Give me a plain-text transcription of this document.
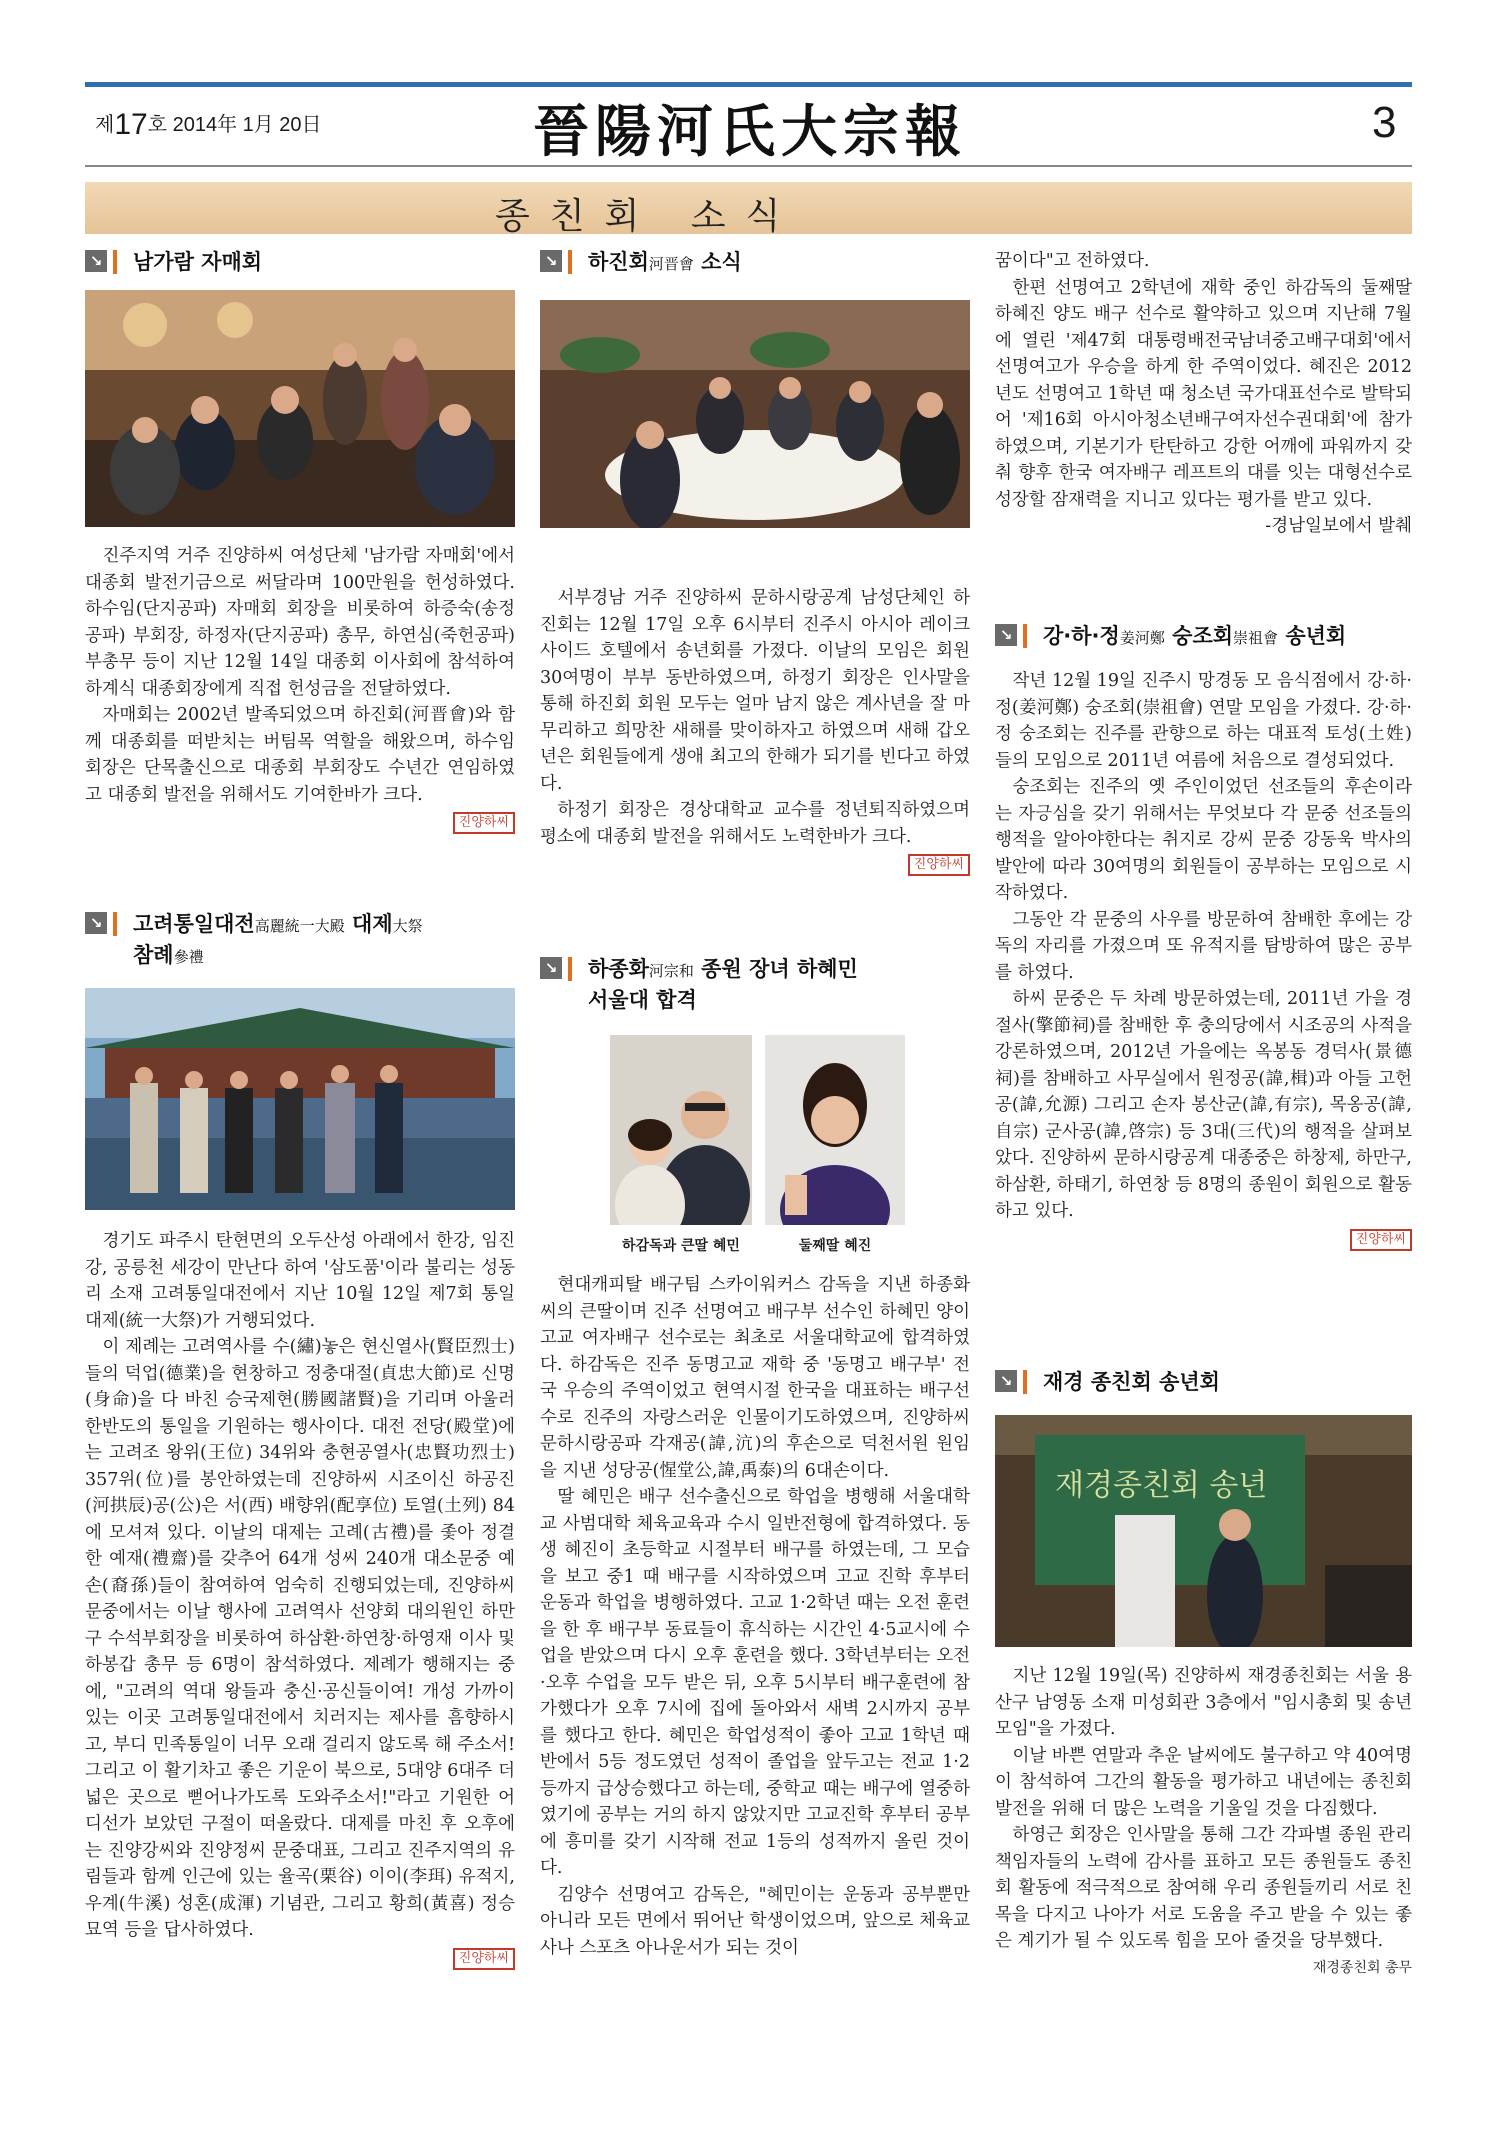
제17호 2014年 1月 20日	晉陽河氏大宗報	3
종친회 소식
↘ 남가람 자매회

진주지역 거주 진양하씨 여성단체 '남가람 자매회'에서 대종회 발전기금으로 써달라며 100만원을 헌성하였다. 하수임(단지공파) 자매회 회장을 비롯하여 하증숙(송정공파) 부회장, 하정자(단지공파) 총무, 하연심(죽헌공파) 부총무 등이 지난 12월 14일 대종회 이사회에 참석하여 하계식 대종회장에게 직접 헌성금을 전달하였다.

자매회는 2002년 발족되었으며 하진회(河晋會)와 함께 대종회를 떠받치는 버팀목 역할을 해왔으며, 하수임 회장은 단목출신으로 대종회 부회장도 수년간 연임하였고 대종회 발전을 위해서도 기여한바가 크다.

진양하씨
↘ 고려통일대전高麗統一大殿 대제大祭
참례參禮

경기도 파주시 탄현면의 오두산성 아래에서 한강, 임진강, 공릉천 세강이 만난다 하여 '삼도품'이라 불리는 성동리 소재 고려통일대전에서 지난 10월 12일 제7회 통일대제(統一大祭)가 거행되었다.

이 제례는 고려역사를 수(繡)놓은 현신열사(賢臣烈士)들의 덕업(德業)을 현창하고 정충대절(貞忠大節)로 신명(身命)을 다 바친 승국제현(勝國諸賢)을 기리며 아울러 한반도의 통일을 기원하는 행사이다. 대전 전당(殿堂)에는 고려조 왕위(王位) 34위와 충현공열사(忠賢功烈士) 357위(位)를 봉안하였는데 진양하씨 시조이신 하공진(河拱辰)공(公)은 서(西) 배향위(配享位) 토열(土列) 84에 모셔져 있다. 이날의 대제는 고례(古禮)를 좇아 정결한 예재(禮齋)를 갖추어 64개 성씨 240개 대소문중 예손(裔孫)들이 참여하여 엄숙히 진행되었는데, 진양하씨 문중에서는 이날 행사에 고려역사 선양회 대의원인 하만구 수석부회장을 비롯하여 하삼환·하연창·하영재 이사 및 하봉갑 총무 등 6명이 참석하였다. 제례가 행해지는 중에, "고려의 역대 왕들과 충신·공신들이여! 개성 가까이 있는 이곳 고려통일대전에서 치러지는 제사를 흠향하시고, 부디 민족통일이 너무 오래 걸리지 않도록 해 주소서! 그리고 이 활기차고 좋은 기운이 북으로, 5대양 6대주 더 넓은 곳으로 뻗어나가도록 도와주소서!"라고 기원한 어디선가 보았던 구절이 떠올랐다. 대제를 마친 후 오후에는 진양강씨와 진양정씨 문중대표, 그리고 진주지역의 유림들과 함께 인근에 있는 율곡(栗谷) 이이(李珥) 유적지, 우계(牛溪) 성혼(成渾) 기념관, 그리고 황희(黃喜) 정승 묘역 등을 답사하였다.

진양하씨
↘ 하진회河晋會 소식

서부경남 거주 진양하씨 문하시랑공계 남성단체인 하진회는 12월 17일 오후 6시부터 진주시 아시아 레이크사이드 호텔에서 송년회를 가졌다. 이날의 모임은 회원 30여명이 부부 동반하였으며, 하정기 회장은 인사말을 통해 하진회 회원 모두는 얼마 남지 않은 계사년을 잘 마무리하고 희망찬 새해를 맞이하자고 하였으며 새해 갑오년은 회원들에게 생애 최고의 한해가 되기를 빈다고 하였다.

하정기 회장은 경상대학교 교수를 정년퇴직하였으며 평소에 대종회 발전을 위해서도 노력한바가 크다.

진양하씨
↘ 하종화河宗和 종원 장녀 하혜민
서울대 합격
하감독과 큰딸 혜민	둘째딸 혜진

현대캐피탈 배구팀 스카이워커스 감독을 지낸 하종화씨의 큰딸이며 진주 선명여고 배구부 선수인 하혜민 양이 고교 여자배구 선수로는 최초로 서울대학교에 합격하였다. 하감독은 진주 동명고교 재학 중 '동명고 배구부' 전국 우승의 주역이었고 현역시절 한국을 대표하는 배구선수로 진주의 자랑스러운 인물이기도하였으며, 진양하씨 문하시랑공파 각재공(諱,沆)의 후손으로 덕천서원 원임을 지낸 성당공(惺堂公,諱,禹泰)의 6대손이다.

딸 혜민은 배구 선수출신으로 학업을 병행해 서울대학교 사범대학 체육교육과 수시 일반전형에 합격하였다. 동생 혜진이 초등학교 시절부터 배구를 하였는데, 그 모습을 보고 중1 때 배구를 시작하였으며 고교 진학 후부터 운동과 학업을 병행하였다. 고교 1·2학년 때는 오전 훈련을 한 후 배구부 동료들이 휴식하는 시간인 4·5교시에 수업을 받았으며 다시 오후 훈련을 했다. 3학년부터는 오전·오후 수업을 모두 받은 뒤, 오후 5시부터 배구훈련에 참가했다가 오후 7시에 집에 돌아와서 새벽 2시까지 공부를 했다고 한다. 혜민은 학업성적이 좋아 고교 1학년 때 반에서 5등 정도였던 성적이 졸업을 앞두고는 전교 1·2등까지 급상승했다고 하는데, 중학교 때는 배구에 열중하였기에 공부는 거의 하지 않았지만 고교진학 후부터 공부에 흥미를 갖기 시작해 전교 1등의 성적까지 올린 것이다.

김양수 선명여고 감독은, "혜민이는 운동과 공부뿐만 아니라 모든 면에서 뛰어난 학생이었으며, 앞으로 체육교사나 스포츠 아나운서가 되는 것이

꿈이다"고 전하였다.

한편 선명여고 2학년에 재학 중인 하감독의 둘째딸 하혜진 양도 배구 선수로 활약하고 있으며 지난해 7월에 열린 '제47회 대통령배전국남녀중고배구대회'에서 선명여고가 우승을 하게 한 주역이었다. 혜진은 2012년도 선명여고 1학년 때 청소년 국가대표선수로 발탁되어 '제16회 아시아청소년배구여자선수권대회'에 참가하였으며, 기본기가 탄탄하고 강한 어깨에 파워까지 갖춰 향후 한국 여자배구 레프트의 대를 잇는 대형선수로 성장할 잠재력을 지니고 있다는 평가를 받고 있다.

-경남일보에서 발췌
↘ 강·하·정姜河鄭 숭조회崇祖會 송년회

작년 12월 19일 진주시 망경동 모 음식점에서 강·하·정(姜河鄭) 숭조회(崇祖會) 연말 모임을 가졌다. 강·하·정 숭조회는 진주를 관향으로 하는 대표적 토성(土姓)들의 모임으로 2011년 여름에 처음으로 결성되었다.

숭조회는 진주의 옛 주인이었던 선조들의 후손이라는 자긍심을 갖기 위해서는 무엇보다 각 문중 선조들의 행적을 알아야한다는 취지로 강씨 문중 강동욱 박사의 발안에 따라 30여명의 회원들이 공부하는 모임으로 시작하였다.

그동안 각 문중의 사우를 방문하여 참배한 후에는 강독의 자리를 가졌으며 또 유적지를 탐방하여 많은 공부를 하였다.

하씨 문중은 두 차례 방문하였는데, 2011년 가을 경절사(擎節祠)를 참배한 후 충의당에서 시조공의 사적을 강론하였으며, 2012년 가을에는 옥봉동 경덕사(景德祠)를 참배하고 사무실에서 원정공(諱,楫)과 아들 고헌공(諱,允源) 그리고 손자 봉산군(諱,有宗), 목옹공(諱,自宗) 군사공(諱,啓宗) 등 3대(三代)의 행적을 살펴보았다. 진양하씨 문하시랑공계 대종중은 하창제, 하만구, 하삼환, 하태기, 하연창 등 8명의 종원이 회원으로 활동하고 있다.

진양하씨
↘ 재경 종친회 송년회
재경종친회 송년

지난 12월 19일(목) 진양하씨 재경종친회는 서울 용산구 남영동 소재 미성회관 3층에서 "임시총회 및 송년모임"을 가졌다.

이날 바쁜 연말과 추운 날씨에도 불구하고 약 40여명이 참석하여 그간의 활동을 평가하고 내년에는 종친회 발전을 위해 더 많은 노력을 기울일 것을 다짐했다.

하영근 회장은 인사말을 통해 그간 각파별 종원 관리 책임자들의 노력에 감사를 표하고 모든 종원들도 종친회 활동에 적극적으로 참여해 우리 종원들끼리 서로 친목을 다지고 나아가 서로 도움을 주고 받을 수 있는 좋은 계기가 될 수 있도록 힘을 모아 줄것을 당부했다.

재경종친회 총무
